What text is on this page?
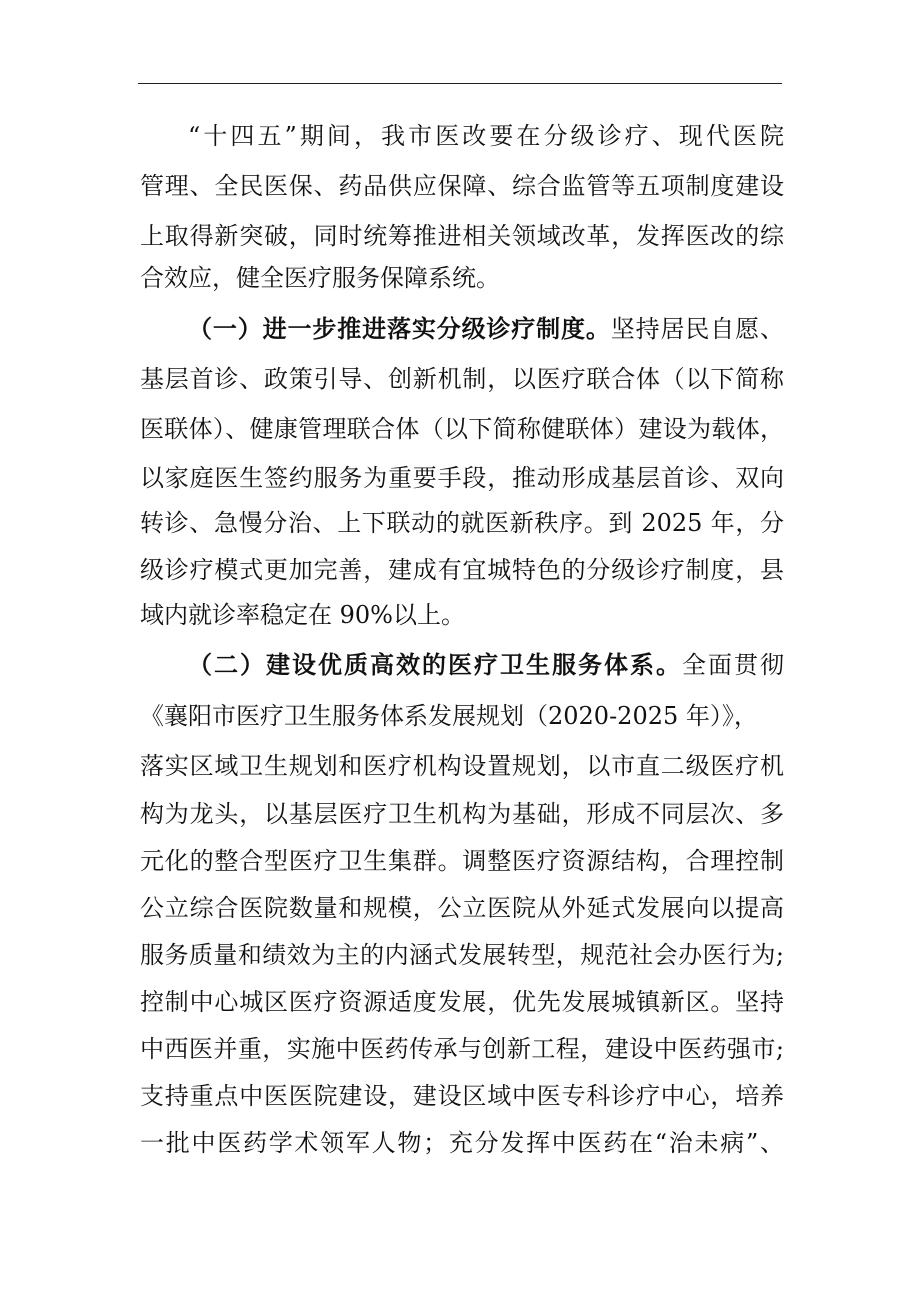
“十四五”期间，我市医改要在分级诊疗、现代医院
管理、全民医保、药品供应保障、综合监管等五项制度建设
上取得新突破，同时统筹推进相关领域改革，发挥医改的综
合效应，健全医疗服务保障系统。
（一）进一步推进落实分级诊疗制度。坚持居民自愿、
基层首诊、政策引导、创新机制，以医疗联合体（以下简称
医联体）、健康管理联合体（以下简称健联体）建设为载体，
以家庭医生签约服务为重要手段，推动形成基层首诊、双向
转诊、急慢分治、上下联动的就医新秩序。到 2025 年，分
级诊疗模式更加完善，建成有宜城特色的分级诊疗制度，县
域内就诊率稳定在 90%以上。
（二）建设优质高效的医疗卫生服务体系。全面贯彻
《襄阳市医疗卫生服务体系发展规划（2020-2025 年）》，
落实区域卫生规划和医疗机构设置规划，以市直二级医疗机
构为龙头，以基层医疗卫生机构为基础，形成不同层次、多
元化的整合型医疗卫生集群。调整医疗资源结构，合理控制
公立综合医院数量和规模，公立医院从外延式发展向以提高
服务质量和绩效为主的内涵式发展转型，规范社会办医行为;
控制中心城区医疗资源适度发展，优先发展城镇新区。坚持
中西医并重，实施中医药传承与创新工程，建设中医药强市;
支持重点中医医院建设，建设区域中医专科诊疗中心，培养
一批中医药学术领军人物；充分发挥中医药在“治未病”、
